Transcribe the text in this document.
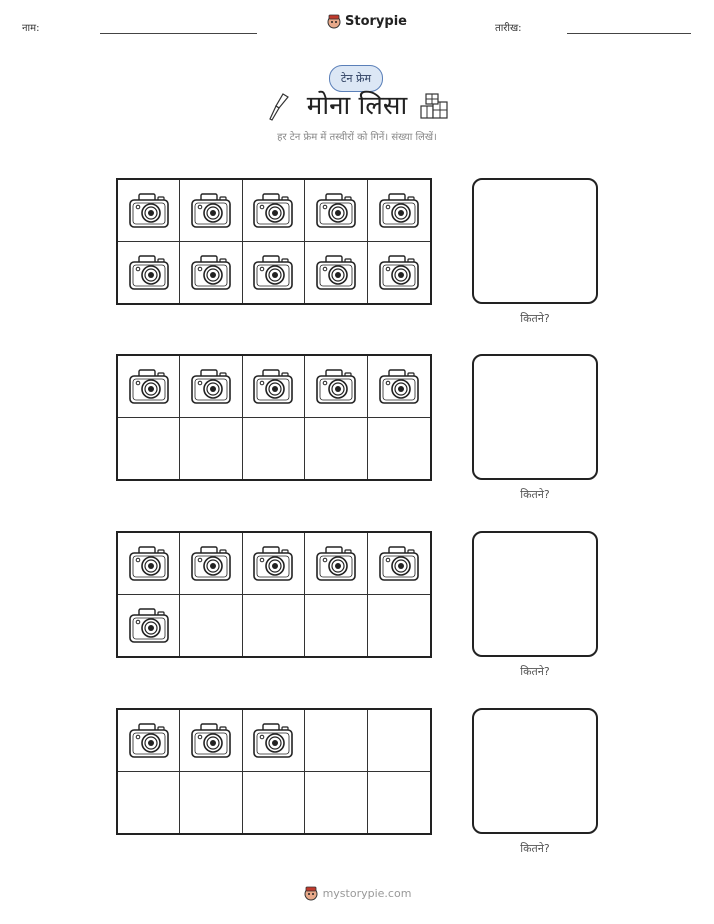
नाम:	Storypie	तारीख:
टेन फ्रेम
मोना लिसा
हर टेन फ्रेम में तस्वीरों को गिनें। संख्या लिखें।
कितने?
कितने?
कितने?
कितने?
mystorypie.com
